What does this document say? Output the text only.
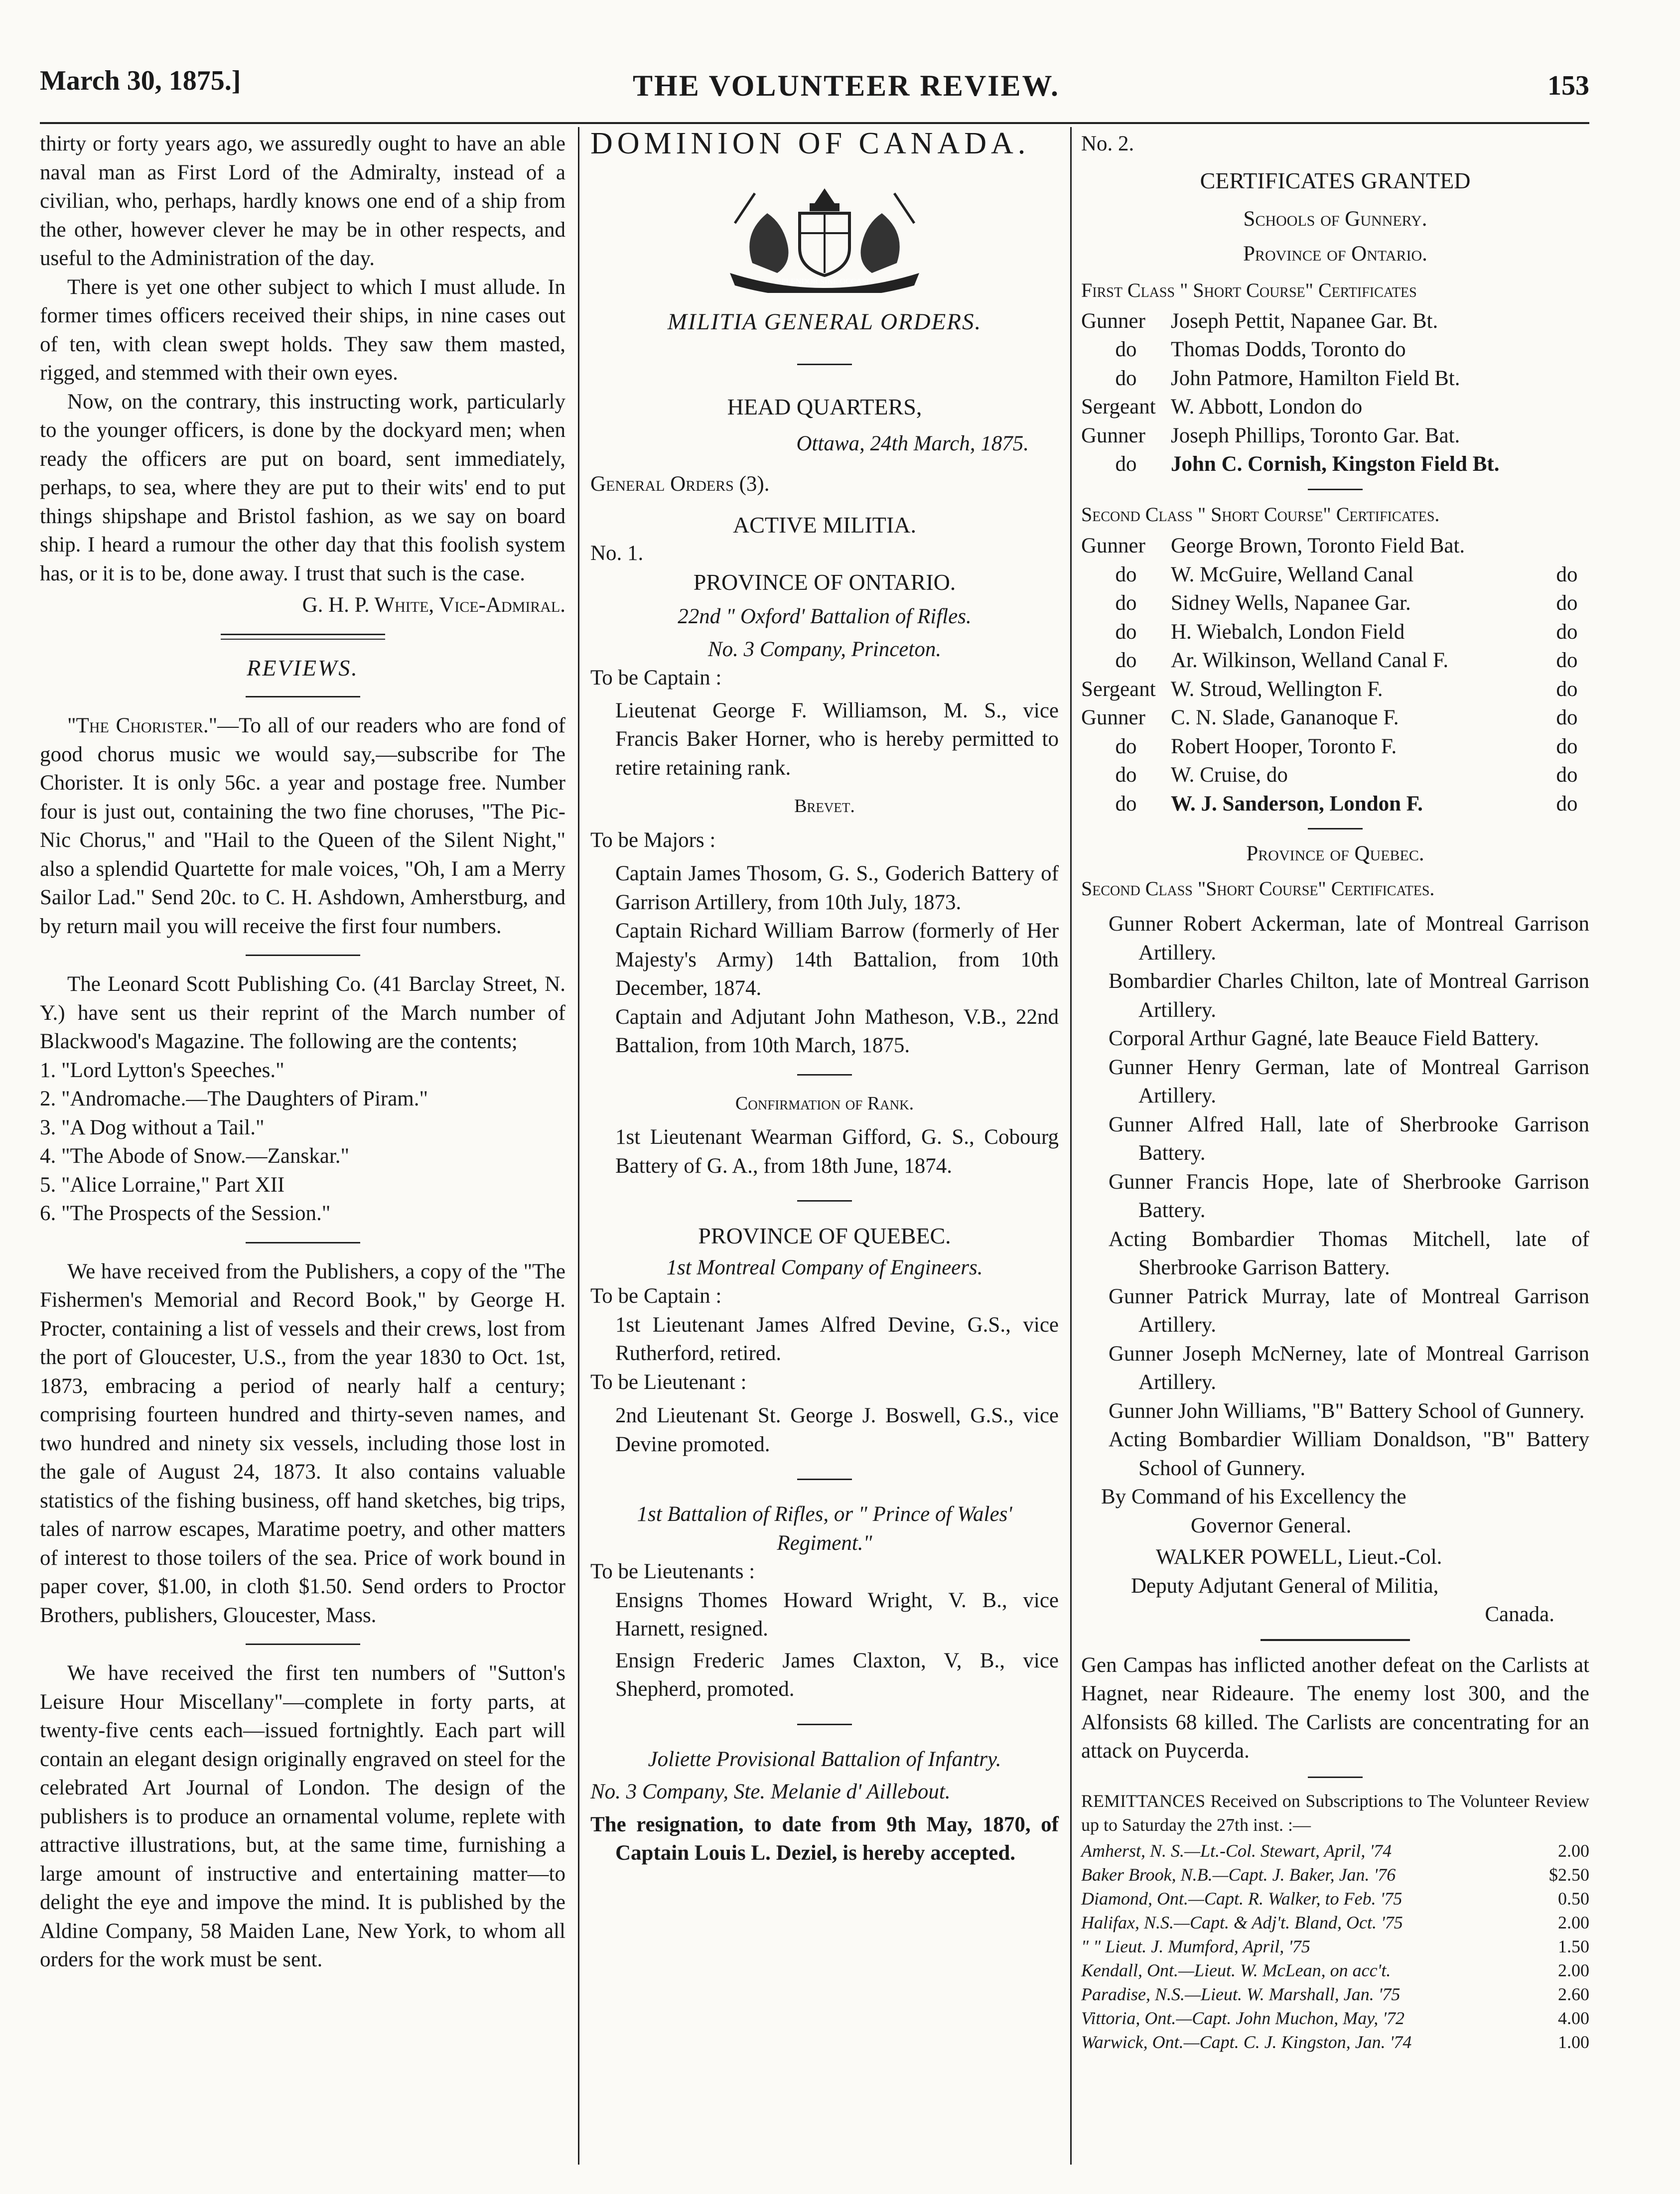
March 30, 1875.]	THE VOLUNTEER REVIEW.	153

thirty or forty years ago, we assuredly ought to have an able naval man as First Lord of the Admiralty, instead of a civilian, who, perhaps, hardly knows one end of a ship from the other, however clever he may be in other respects, and useful to the Administration of the day.

There is yet one other subject to which I must allude. In former times officers received their ships, in nine cases out of ten, with clean swept holds. They saw them masted, rigged, and stemmed with their own eyes.

Now, on the contrary, this instructing work, particularly to the younger officers, is done by the dockyard men; when ready the officers are put on board, sent immediately, perhaps, to sea, where they are put to their wits' end to put things shipshape and Bristol fashion, as we say on board ship. I heard a rumour the other day that this foolish system has, or it is to be, done away. I trust that such is the case.

G. H. P. White, Vice-Admiral.

REVIEWS.

"The Chorister."—To all of our readers who are fond of good chorus music we would say,—subscribe for The Chorister. It is only 56c. a year and postage free. Number four is just out, containing the two fine choruses, "The Pic-Nic Chorus," and "Hail to the Queen of the Silent Night," also a splendid Quartette for male voices, "Oh, I am a Merry Sailor Lad." Send 20c. to C. H. Ashdown, Amherstburg, and by return mail you will receive the first four numbers.

The Leonard Scott Publishing Co. (41 Barclay Street, N. Y.) have sent us their reprint of the March number of Blackwood's Magazine. The following are the contents;

1. "Lord Lytton's Speeches."

2. "Andromache.—The Daughters of Piram."

3. "A Dog without a Tail."

4. "The Abode of Snow.—Zanskar."

5. "Alice Lorraine," Part XII

6. "The Prospects of the Session."

We have received from the Publishers, a copy of the "The Fishermen's Memorial and Record Book," by George H. Procter, containing a list of vessels and their crews, lost from the port of Gloucester, U.S., from the year 1830 to Oct. 1st, 1873, embracing a period of nearly half a century; comprising fourteen hundred and thirty-seven names, and two hundred and ninety six vessels, including those lost in the gale of August 24, 1873. It also contains valuable statistics of the fishing business, off hand sketches, big trips, tales of narrow escapes, Maratime poetry, and other matters of interest to those toilers of the sea. Price of work bound in paper cover, $1.00, in cloth $1.50. Send orders to Proctor Brothers, publishers, Gloucester, Mass.

We have received the first ten numbers of "Sutton's Leisure Hour Miscellany"—complete in forty parts, at twenty-five cents each—issued fortnightly. Each part will contain an elegant design originally engraved on steel for the celebrated Art Journal of London. The design of the publishers is to produce an ornamental volume, replete with attractive illustrations, but, at the same time, furnishing a large amount of instructive and entertaining matter—to delight the eye and impove the mind. It is published by the Aldine Company, 58 Maiden Lane, New York, to whom all orders for the work must be sent.

DOMINION OF CANADA.

SPLENDOR SINE OCCASU

MILITIA GENERAL ORDERS.

HEAD QUARTERS,

Ottawa, 24th March, 1875.

General Orders (3).

ACTIVE MILITIA.

No. 1.

PROVINCE OF ONTARIO.

22nd " Oxford' Battalion of Rifles.

No. 3 Company, Princeton.

To be Captain :

Lieutenat George F. Williamson, M. S., vice Francis Baker Horner, who is hereby permitted to retire retaining rank.

Brevet.

To be Majors :

Captain James Thosom, G. S., Goderich Battery of Garrison Artillery, from 10th July, 1873.

Captain Richard William Barrow (formerly of Her Majesty's Army) 14th Battalion, from 10th December, 1874.

Captain and Adjutant John Matheson, V.B., 22nd Battalion, from 10th March, 1875.

Confirmation of Rank.

1st Lieutenant Wearman Gifford, G. S., Cobourg Battery of G. A., from 18th June, 1874.

PROVINCE OF QUEBEC.

1st Montreal Company of Engineers.

To be Captain :

1st Lieutenant James Alfred Devine, G.S., vice Rutherford, retired.

To be Lieutenant :

2nd Lieutenant St. George J. Boswell, G.S., vice Devine promoted.

1st Battalion of Rifles, or " Prince of Wales' Regiment."

To be Lieutenants :

Ensigns Thomes Howard Wright, V. B., vice Harnett, resigned.

Ensign Frederic James Claxton, V, B., vice Shepherd, promoted.

Joliette Provisional Battalion of Infantry.

No. 3 Company, Ste. Melanie d' Aillebout.

The resignation, to date from 9th May, 1870, of Captain Louis L. Deziel, is hereby accepted.

No. 2.

CERTIFICATES GRANTED

Schools of Gunnery.

Province of Ontario.

First Class " Short Course" Certificates

Gunner	Joseph Pettit, Napanee Gar. Bt.
do	Thomas Dodds, Toronto do
do	John Patmore, Hamilton Field Bt.
Sergeant W. Abbott, London do
Gunner	Joseph Phillips, Toronto Gar. Bat.
do	John C. Cornish, Kingston Field Bt.

Second Class " Short Course" Certificates.

Gunner	George Brown, Toronto Field Bat.
do	W. McGuire, Welland Canal	do
do	Sidney Wells, Napanee Gar.	do
do	H. Wiebalch, London Field	do
do	Ar. Wilkinson, Welland Canal F.	do
Sergeant W. Stroud, Wellington F.	do
Gunner	C. N. Slade, Gananoque F.	do
do	Robert Hooper, Toronto F.	do
do	W. Cruise, do	do
do	W. J. Sanderson, London F.	do

Province of Quebec.

Second Class "Short Course" Certificates.

Gunner Robert Ackerman, late of Montreal Garrison Artillery.

Bombardier Charles Chilton, late of Montreal Garrison Artillery.

Corporal Arthur Gagné, late Beauce Field Battery.

Gunner Henry German, late of Montreal Garrison Artillery.

Gunner Alfred Hall, late of Sherbrooke Garrison Battery.

Gunner Francis Hope, late of Sherbrooke Garrison Battery.

Acting Bombardier Thomas Mitchell, late of Sherbrooke Garrison Battery.

Gunner Patrick Murray, late of Montreal Garrison Artillery.

Gunner Joseph McNerney, late of Montreal Garrison Artillery.

Gunner John Williams, "B" Battery School of Gunnery.

Acting Bombardier William Donaldson, "B" Battery School of Gunnery.

By Command of his Excellency the

Governor General.

WALKER POWELL, Lieut.-Col.

Deputy Adjutant General of Militia,

Canada.

Gen Campas has inflicted another defeat on the Carlists at Hagnet, near Rideaure. The enemy lost 300, and the Alfonsists 68 killed. The Carlists are concentrating for an attack on Puycerda.

REMITTANCES Received on Subscriptions to The Volunteer Review up to Saturday the 27th inst. :—

Amherst, N. S.—Lt.-Col. Stewart, April, '74	2.00
Baker Brook, N.B.—Capt. J. Baker, Jan. '76	$2.50
Diamond, Ont.—Capt. R. Walker, to Feb. '75	0.50
Halifax, N.S.—Capt. & Adj't. Bland, Oct. '75	2.00
" " Lieut. J. Mumford, April, '75	1.50
Kendall, Ont.—Lieut. W. McLean, on acc't.	2.00
Paradise, N.S.—Lieut. W. Marshall, Jan. '75	2.60
Vittoria, Ont.—Capt. John Muchon, May, '72	4.00
Warwick, Ont.—Capt. C. J. Kingston, Jan. '74	1.00
